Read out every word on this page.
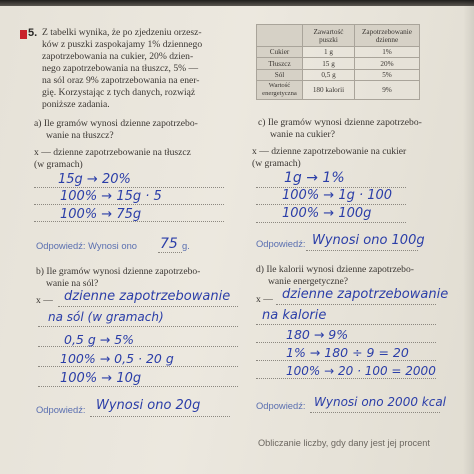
5. Z tabelki wynika, że po zjedzeniu orzesz-
ków z puszki zaspokajamy 1% dziennego
zapotrzebowania na cukier, 20% dzien-
nego zapotrzebowania na tłuszcz, 5% —
na sól oraz 9% zapotrzebowania na ener-
gię. Korzystając z tych danych, rozwiąż
poniższe zadania.
	Zawartość puszki	Zapotrzebowanie dzienne
Cukier	1 g	1%
Tłuszcz	15 g	20%
Sól	0,5 g	5%
Wartość energetyczna	180 kalorii	9%
a) Ile gramów wynosi dzienne zapotrzebo-
wanie na tłuszcz?
x — dzienne zapotrzebowanie na tłuszcz
(w gramach)
15g → 20%
100% → 15g · 5
100% → 75g
Odpowiedź: Wynosi ono 75 g.
b) Ile gramów wynosi dzienne zapotrzebo-
wanie na sól?
x — dzienne zapotrzebowanie
na sól (w gramach)
0,5 g → 5%
100% → 0,5 · 20 g
100% → 10g
Odpowiedź: Wynosi ono 20g
c) Ile gramów wynosi dzienne zapotrzebo-
wanie na cukier?
x — dzienne zapotrzebowanie na cukier
(w gramach)
1g → 1%
100% → 1g · 100
100% → 100g
Odpowiedź: Wynosi ono 100g
d) Ile kalorii wynosi dzienne zapotrzebo-
wanie energetyczne?
x — dzienne zapotrzebowanie
na kalorie
180 → 9%
1% → 180 ÷ 9 = 20
100% → 20 · 100 = 2000
Odpowiedź: Wynosi ono 2000 kcal
Obliczanie liczby, gdy dany jest jej procent
